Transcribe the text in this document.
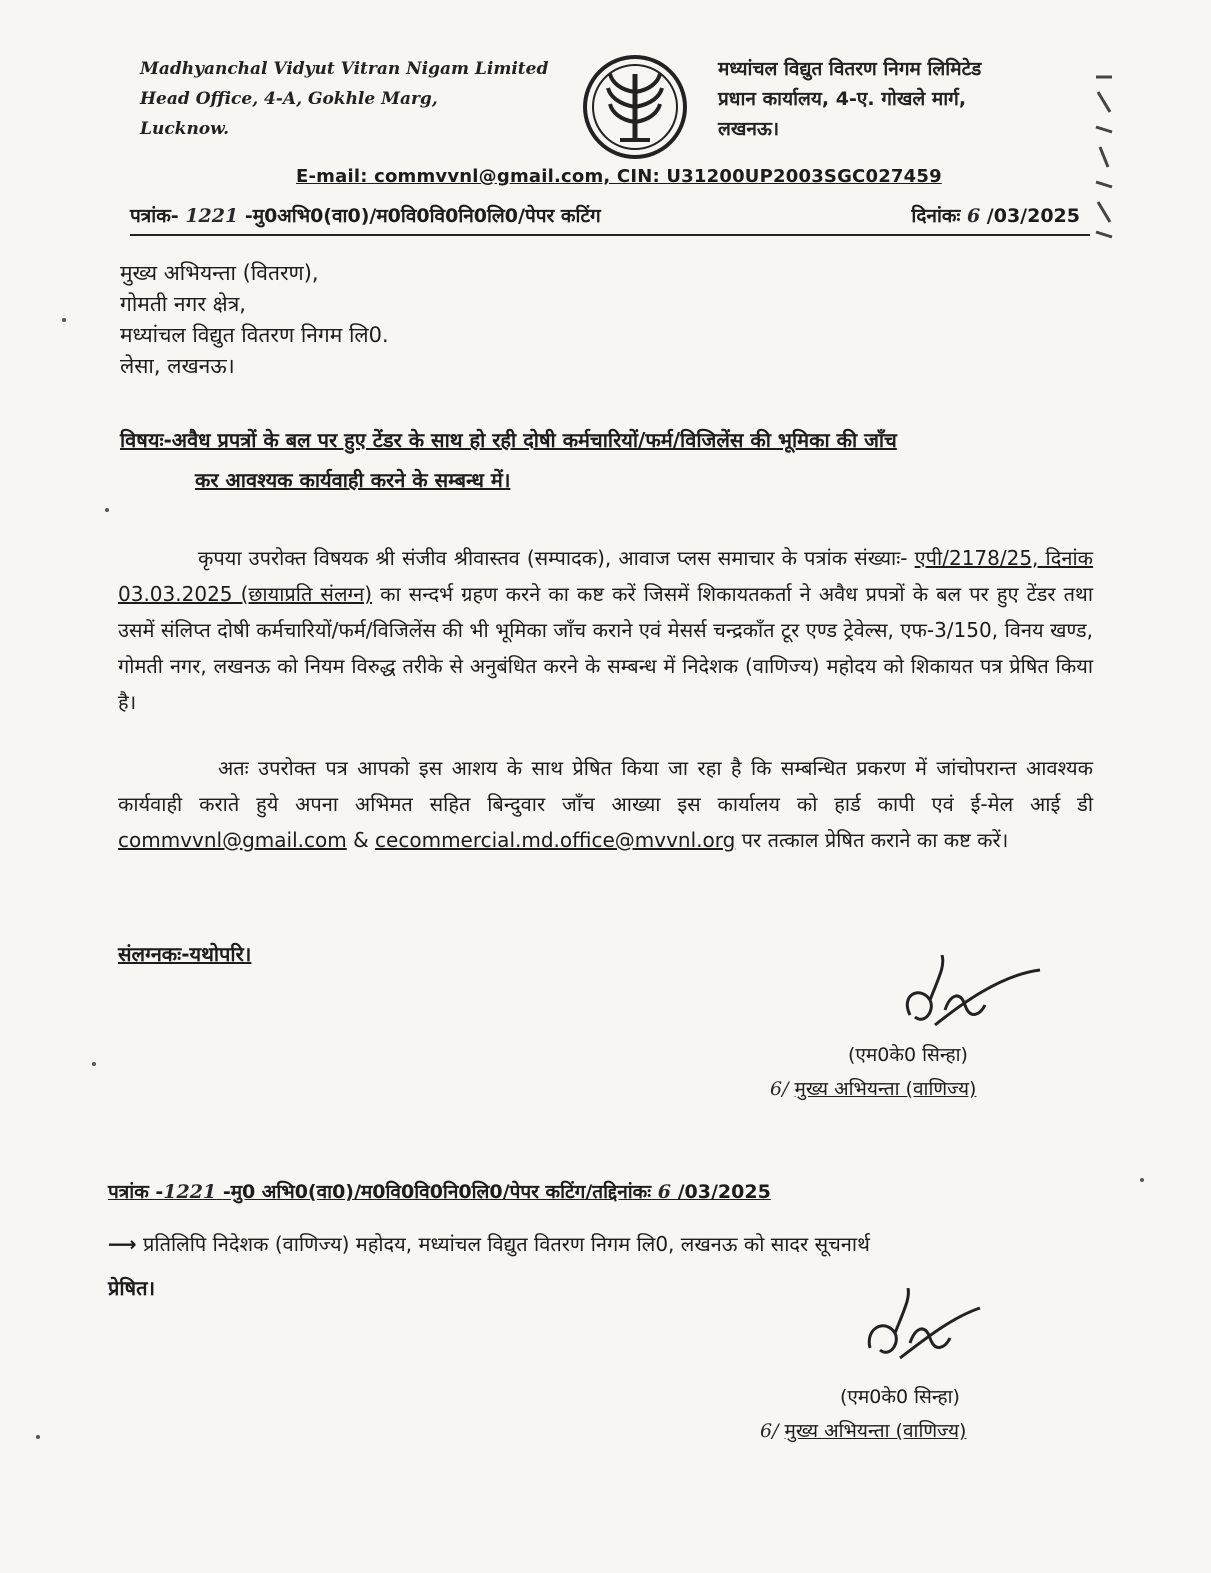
Madhyanchal Vidyut Vitran Nigam Limited
Head Office, 4-A, Gokhle Marg,
Lucknow.
मध्यांचल विद्युत वितरण निगम लिमिटेड
प्रधान कार्यालय, 4-ए. गोखले मार्ग,
लखनऊ।
E-mail: commvvnl@gmail.com, CIN: U31200UP2003SGC027459
पत्रांक- 1221 -मु0अभि0(वा0)/म0वि0वि0नि0लि0/पेपर कटिंग	दिनांकः 6 /03/2025
मुख्य अभियन्ता (वितरण),
गोमती नगर क्षेत्र,
मध्यांचल विद्युत वितरण निगम लि0.
लेसा, लखनऊ।
विषयः-अवैध प्रपत्रों के बल पर हुए टेंडर के साथ हो रही दोषी कर्मचारियों/फर्म/विजिलेंस की भूमिका की जाँच
कर आवश्यक कार्यवाही करने के सम्बन्ध में।
कृपया उपरोक्त विषयक श्री संजीव श्रीवास्तव (सम्पादक), आवाज प्लस समाचार के पत्रांक संख्याः- एपी/2178/25, दिनांक 03.03.2025 (छायाप्रति संलग्न) का सन्दर्भ ग्रहण करने का कष्ट करें जिसमें शिकायतकर्ता ने अवैध प्रपत्रों के बल पर हुए टेंडर तथा उसमें संलिप्त दोषी कर्मचारियों/फर्म/विजिलेंस की भी भूमिका जाँच कराने एवं मेसर्स चन्द्रकाँत टूर एण्ड ट्रेवेल्स, एफ-3/150, विनय खण्ड, गोमती नगर, लखनऊ को नियम विरुद्ध तरीके से अनुबंधित करने के सम्बन्ध में निदेशक (वाणिज्य) महोदय को शिकायत पत्र प्रेषित किया है।
अतः उपरोक्त पत्र आपको इस आशय के साथ प्रेषित किया जा रहा है कि सम्बन्धित प्रकरण में जांचोपरान्त आवश्यक कार्यवाही कराते हुये अपना अभिमत सहित बिन्दुवार जाँच आख्या इस कार्यालय को हार्ड कापी एवं ई-मेल आई डी commvvnl@gmail.com & cecommercial.md.office@mvvnl.org पर तत्काल प्रेषित कराने का कष्ट करें।
संलग्नकः-यथोपरि।
(एम0के0 सिन्हा)
6/ मुख्य अभियन्ता (वाणिज्य)
पत्रांक -1221 -मु0 अभि0(वा0)/म0वि0वि0नि0लि0/पेपर कटिंग/तद्दिनांकः 6 /03/2025
⟶ प्रतिलिपि निदेशक (वाणिज्य) महोदय, मध्यांचल विद्युत वितरण निगम लि0, लखनऊ को सादर सूचनार्थ
प्रेषित।
(एम0के0 सिन्हा)
6/ मुख्य अभियन्ता (वाणिज्य)
